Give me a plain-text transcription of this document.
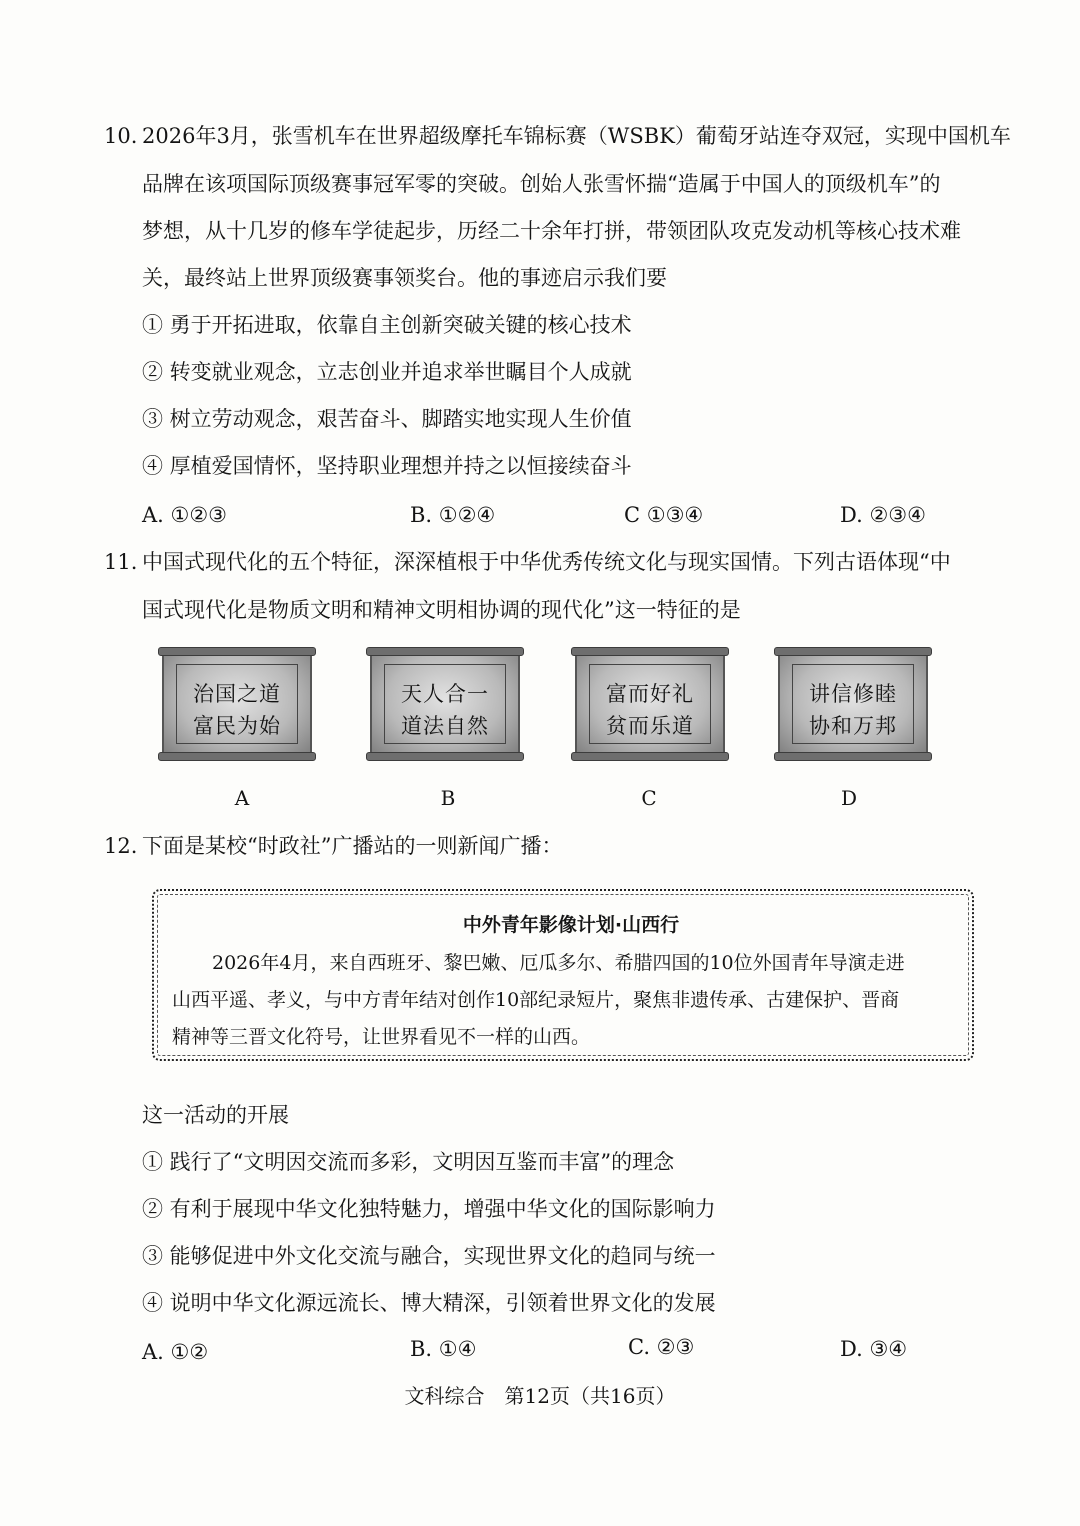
10. 2026年3月，张雪机车在世界超级摩托车锦标赛（WSBK）葡萄牙站连夺双冠，实现中国机车
品牌在该项国际顶级赛事冠军零的突破。创始人张雪怀揣“造属于中国人的顶级机车”的
梦想，从十几岁的修车学徒起步，历经二十余年打拼，带领团队攻克发动机等核心技术难
关，最终站上世界顶级赛事领奖台。他的事迹启示我们要
① 勇于开拓进取，依靠自主创新突破关键的核心技术
② 转变就业观念，立志创业并追求举世瞩目个人成就
③ 树立劳动观念，艰苦奋斗、脚踏实地实现人生价值
④ 厚植爱国情怀，坚持职业理想并持之以恒接续奋斗
A. ①②③	B. ①②④	C ①③④	D. ②③④
11. 中国式现代化的五个特征，深深植根于中华优秀传统文化与现实国情。下列古语体现“中
国式现代化是物质文明和精神文明相协调的现代化”这一特征的是
治国之道
富民为始
天人合一
道法自然
富而好礼
贫而乐道
讲信修睦
协和万邦
A	B	C	D
12. 下面是某校“时政社”广播站的一则新闻广播：
中外青年影像计划·山西行
2026年4月，来自西班牙、黎巴嫩、厄瓜多尔、希腊四国的10位外国青年导演走进
山西平遥、孝义，与中方青年结对创作10部纪录短片，聚焦非遗传承、古建保护、晋商
精神等三晋文化符号，让世界看见不一样的山西。
这一活动的开展
① 践行了“文明因交流而多彩，文明因互鉴而丰富”的理念
② 有利于展现中华文化独特魅力，增强中华文化的国际影响力
③ 能够促进中外文化交流与融合，实现世界文化的趋同与统一
④ 说明中华文化源远流长、博大精深，引领着世界文化的发展
A. ①②	B. ①④	C. ②③	D. ③④
文科综合　第12页（共16页）
